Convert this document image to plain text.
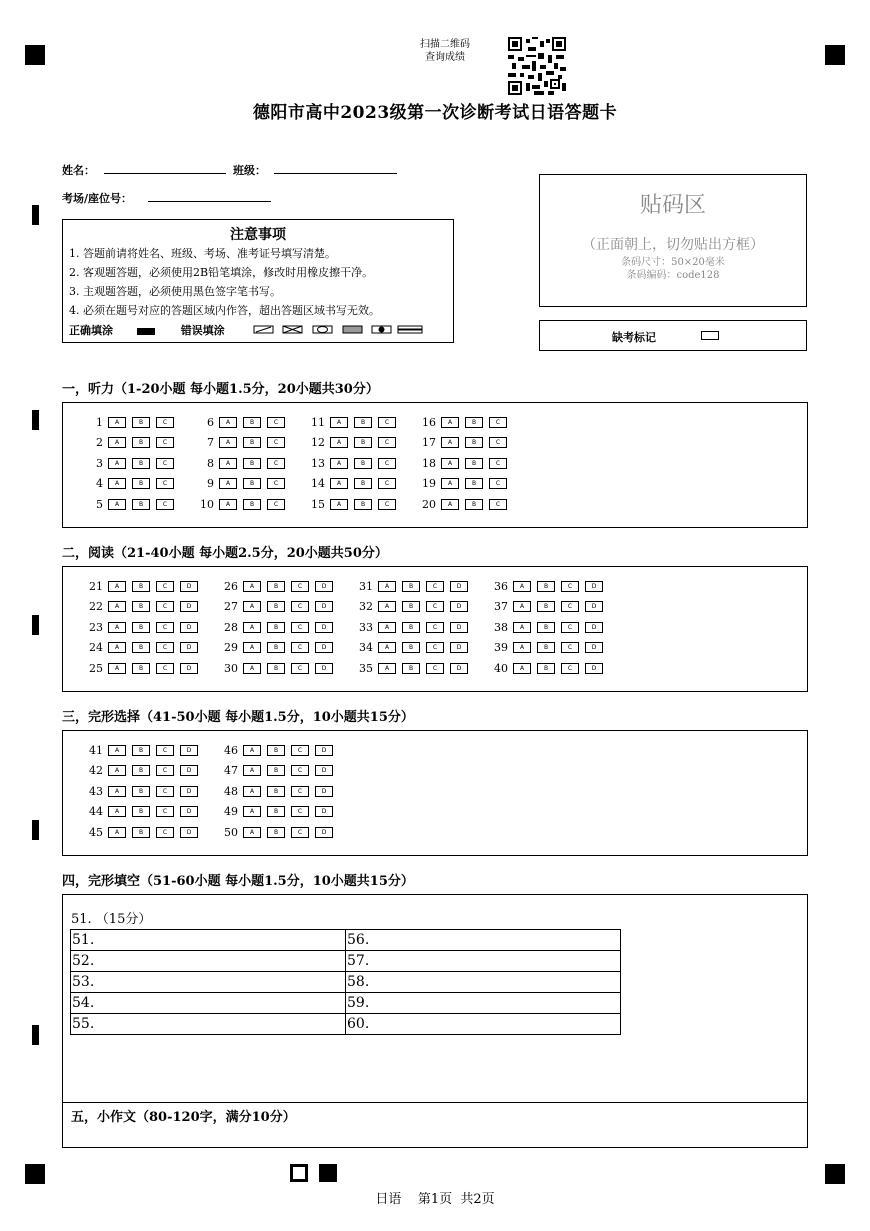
扫描二维码
查询成绩
德阳市高中2023级第一次诊断考试日语答题卡
姓名：	班级：
考场/座位号：
注意事项
1. 答题前请将姓名、班级、考场、准考证号填写清楚。
2. 客观题答题，必须使用2B铅笔填涂，修改时用橡皮擦干净。
3. 主观题答题，必须使用黑色签字笔书写。
4. 必须在题号对应的答题区域内作答，超出答题区域书写无效。
正确填涂	错误填涂
贴码区
（正面朝上，切勿贴出方框）
条码尺寸：50×20毫米
条码编码：code128
缺考标记
一，听力（1-20小题 每小题1.5分，20小题共30分）
1	A	B	C
2	A	B	C
3	A	B	C
4	A	B	C
5	A	B	C
6	A	B	C
7	A	B	C
8	A	B	C
9	A	B	C
10	A	B	C
11	A	B	C
12	A	B	C
13	A	B	C
14	A	B	C
15	A	B	C
16	A	B	C
17	A	B	C
18	A	B	C
19	A	B	C
20	A	B	C
二，阅读（21-40小题 每小题2.5分，20小题共50分）
21	A	B	C	D
22	A	B	C	D
23	A	B	C	D
24	A	B	C	D
25	A	B	C	D
26	A	B	C	D
27	A	B	C	D
28	A	B	C	D
29	A	B	C	D
30	A	B	C	D
31	A	B	C	D
32	A	B	C	D
33	A	B	C	D
34	A	B	C	D
35	A	B	C	D
36	A	B	C	D
37	A	B	C	D
38	A	B	C	D
39	A	B	C	D
40	A	B	C	D
三，完形选择（41-50小题 每小题1.5分，10小题共15分）
41	A	B	C	D
42	A	B	C	D
43	A	B	C	D
44	A	B	C	D
45	A	B	C	D
46	A	B	C	D
47	A	B	C	D
48	A	B	C	D
49	A	B	C	D
50	A	B	C	D
四，完形填空（51-60小题 每小题1.5分，10小题共15分）
51. （15分）
五，小作文（80-120字，满分10分）
51.	56.
52.	57.
53.	58.
54.	59.
55.	60.
日语    第1页  共2页
